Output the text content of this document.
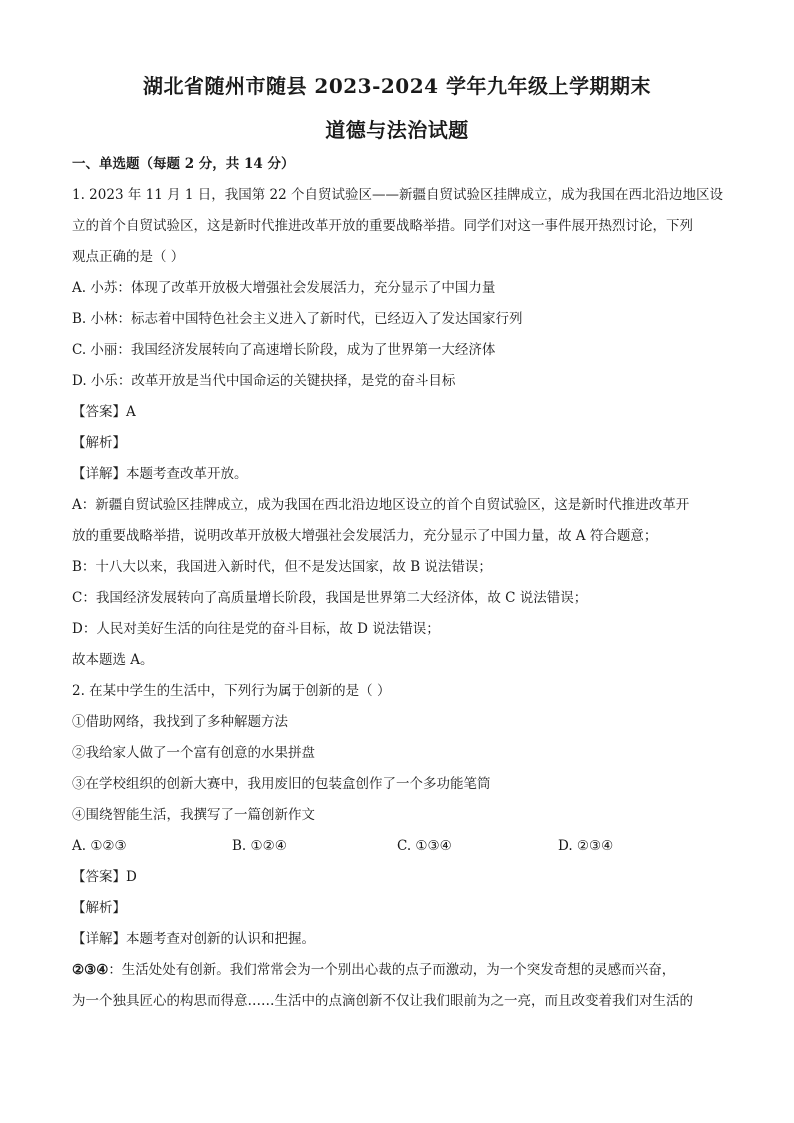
湖北省随州市随县 2023-2024 学年九年级上学期期末
道德与法治试题
一、单选题（每题 2 分，共 14 分）
1. 2023 年 11 月 1 日，我国第 22 个自贸试验区——新疆自贸试验区挂牌成立，成为我国在西北沿边地区设
立的首个自贸试验区，这是新时代推进改革开放的重要战略举措。同学们对这一事件展开热烈讨论，下列
观点正确的是（ ）
A. 小苏：体现了改革开放极大增强社会发展活力，充分显示了中国力量
B. 小林：标志着中国特色社会主义进入了新时代，已经迈入了发达国家行列
C. 小丽：我国经济发展转向了高速增长阶段，成为了世界第一大经济体
D. 小乐：改革开放是当代中国命运的关键抉择，是党的奋斗目标
【答案】A
【解析】
【详解】本题考查改革开放。
A：新疆自贸试验区挂牌成立，成为我国在西北沿边地区设立的首个自贸试验区，这是新时代推进改革开
放的重要战略举措，说明改革开放极大增强社会发展活力，充分显示了中国力量，故 A 符合题意；
B：十八大以来，我国进入新时代，但不是发达国家，故 B 说法错误；
C：我国经济发展转向了高质量增长阶段，我国是世界第二大经济体，故 C 说法错误；
D：人民对美好生活的向往是党的奋斗目标，故 D 说法错误；
故本题选 A。
2. 在某中学生的生活中，下列行为属于创新的是（ ）
①借助网络，我找到了多种解题方法
②我给家人做了一个富有创意的水果拼盘
③在学校组织的创新大赛中，我用废旧的包装盒创作了一个多功能笔筒
④围绕智能生活，我撰写了一篇创新作文
A. ①②③	B. ①②④	C. ①③④	D. ②③④
【答案】D
【解析】
【详解】本题考查对创新的认识和把握。
②③④：生活处处有创新。我们常常会为一个别出心裁的点子而激动，为一个突发奇想的灵感而兴奋，
为一个独具匠心的构思而得意……生活中的点滴创新不仅让我们眼前为之一亮，而且改变着我们对生活的
